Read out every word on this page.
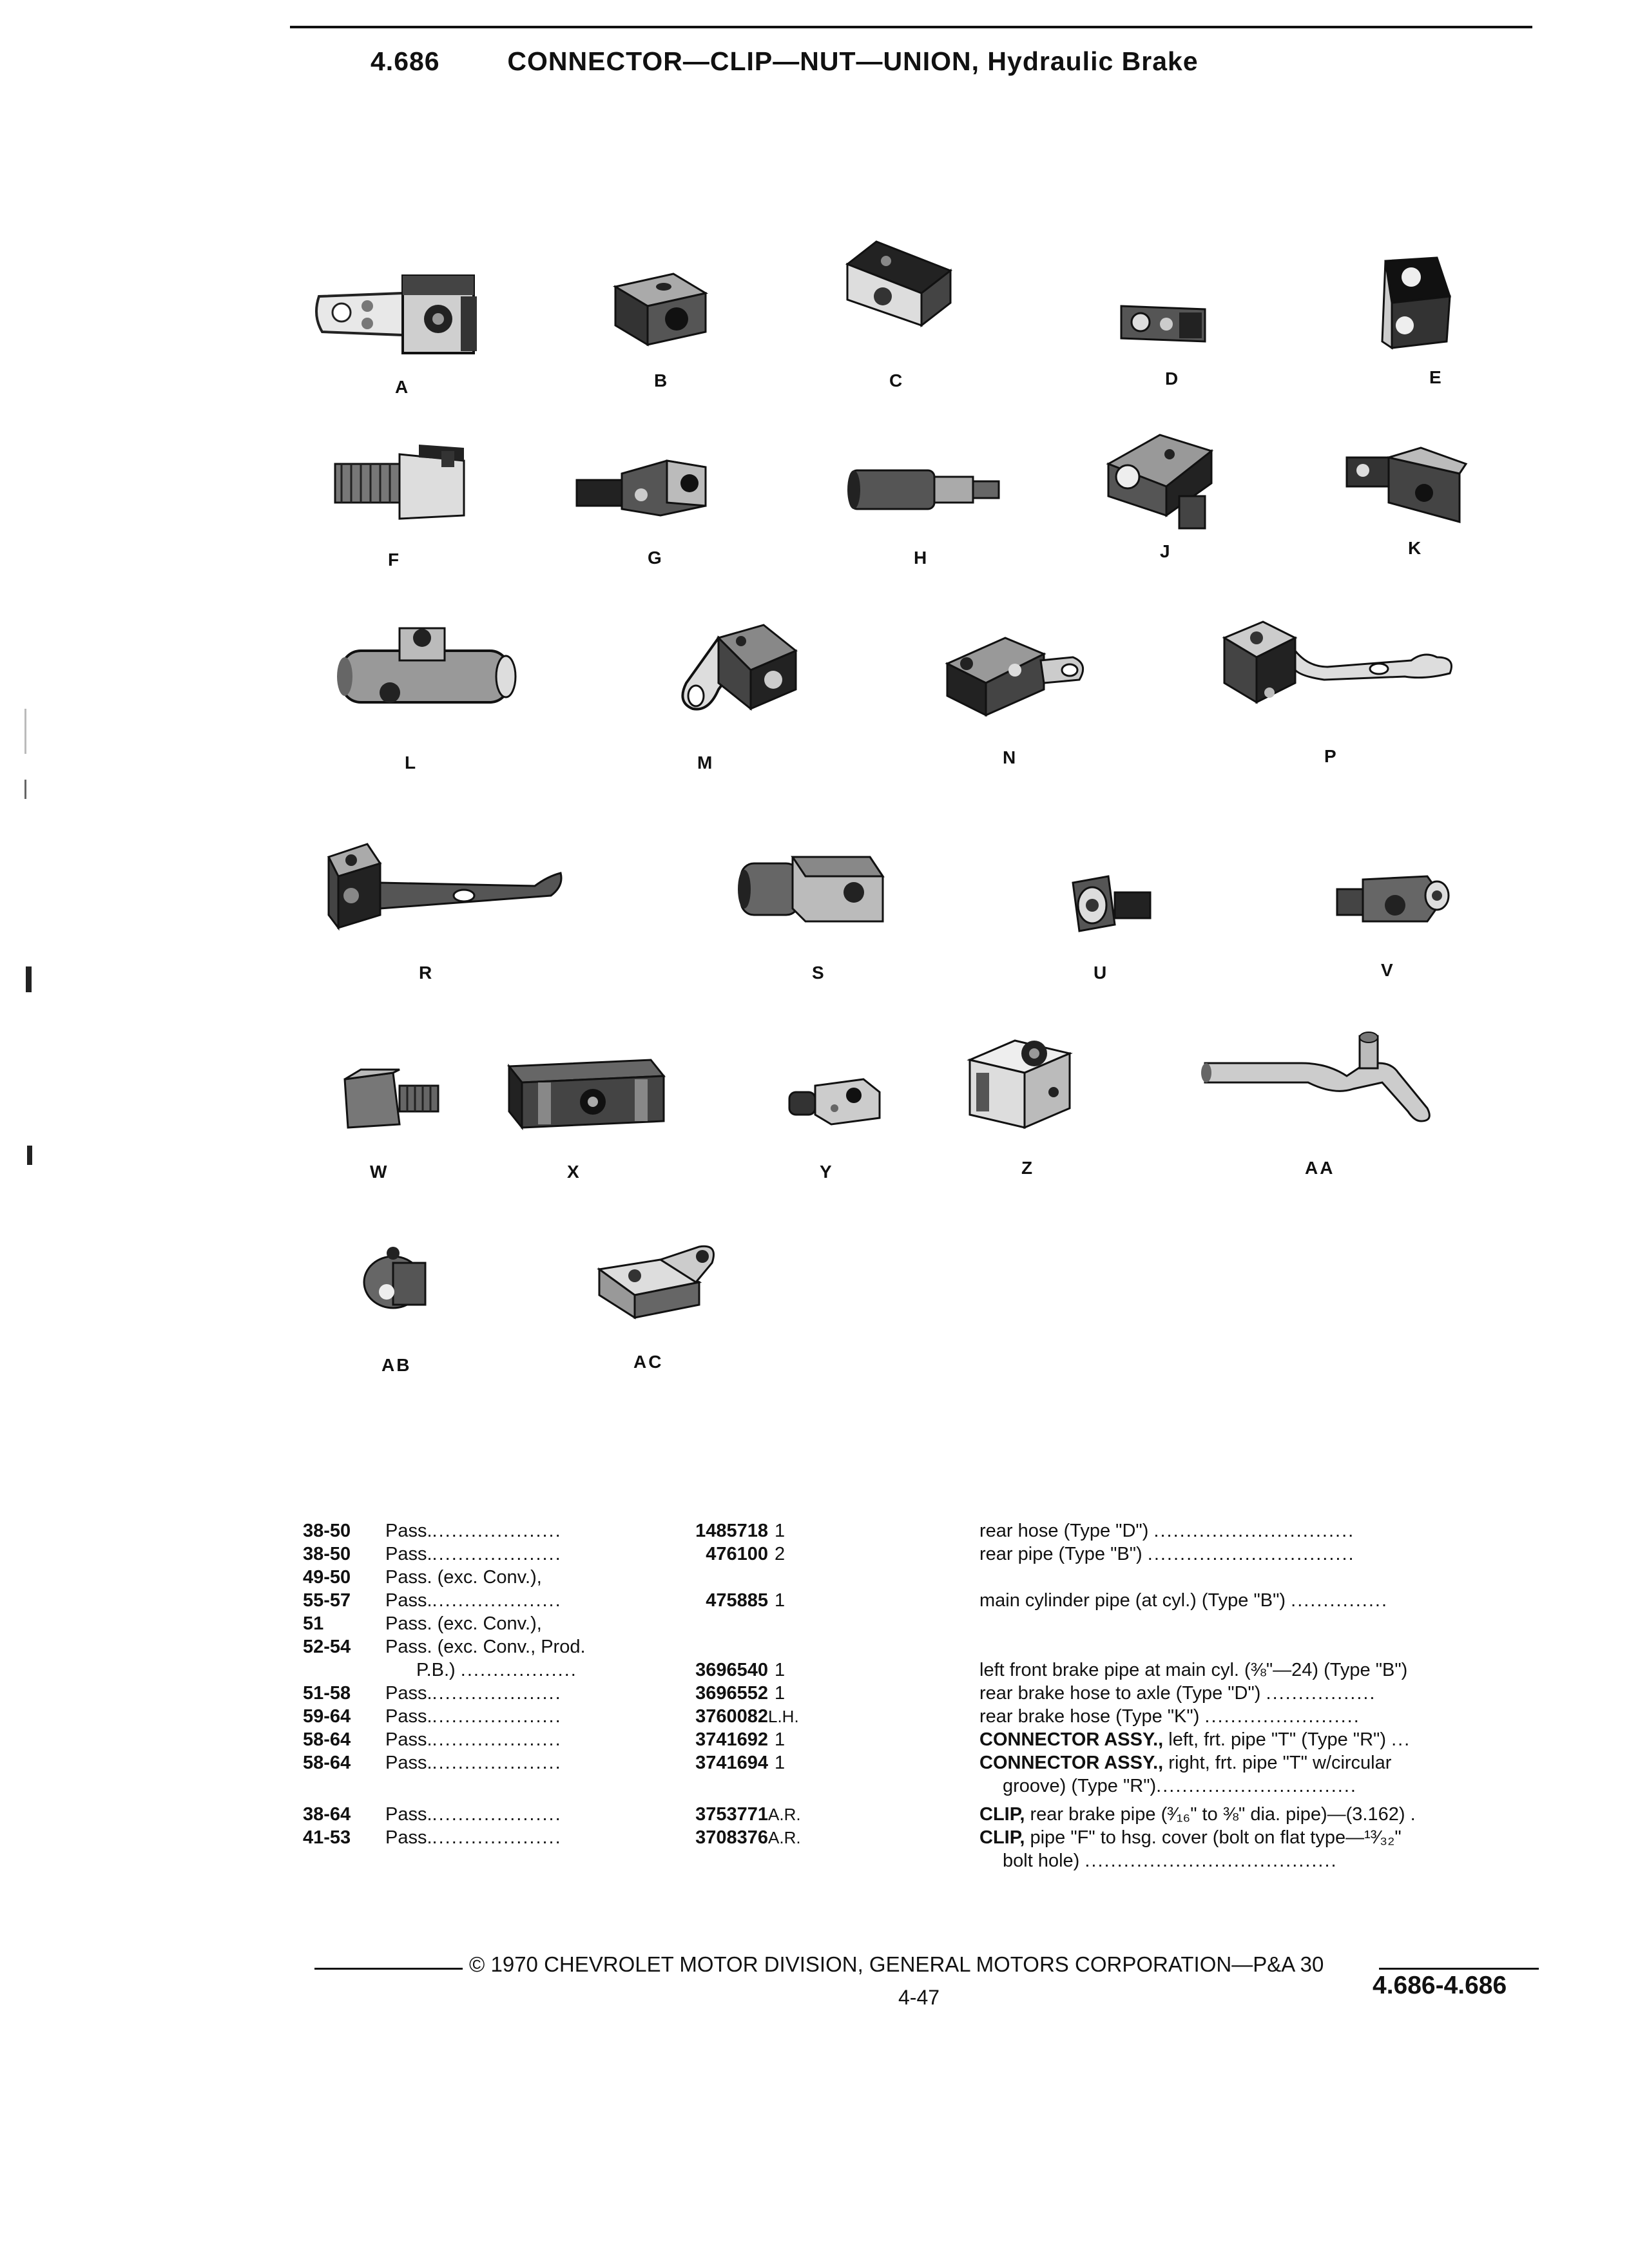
4.686	CONNECTOR—CLIP—NUT—UNION, Hydraulic Brake
A	B	C	D	E
F	G	H	J	K
L	M	N	P
R	S	U	V
W	X	Y	Z	AA
AB	AC
38-50	Pass.....................	1485718 1	rear hose (Type "D") ...............................
38-50	Pass.....................	476100 2	rear pipe (Type "B") ................................
49-50	Pass. (exc. Conv.),
55-57	Pass.....................	475885 1	main cylinder pipe (at cyl.) (Type "B") ...............
51	Pass. (exc. Conv.),
52-54	Pass. (exc. Conv., Prod.
P.B.) ..................	3696540 1	left front brake pipe at main cyl. (⅜"—24) (Type "B")
51-58	Pass.....................	3696552 1	rear brake hose to axle (Type "D") .................
59-64	Pass.....................	3760082 L.H.	rear brake hose (Type "K") ........................
58-64	Pass.....................	3741692 1	CONNECTOR ASSY., left, frt. pipe "T" (Type "R") ...
58-64	Pass.....................	3741694 1	CONNECTOR ASSY., right, frt. pipe "T" w/circular
groove) (Type "R")...............................
38-64	Pass.....................	3753771 A.R.	CLIP, rear brake pipe (³⁄₁₆" to ⅜" dia. pipe)—(3.162) .
41-53	Pass.....................	3708376 A.R.	CLIP, pipe "F" to hsg. cover (bolt on flat type—¹³⁄₃₂"
bolt hole) .......................................
© 1970 CHEVROLET MOTOR DIVISION, GENERAL MOTORS CORPORATION—P&A 30
4-47	4.686-4.686
